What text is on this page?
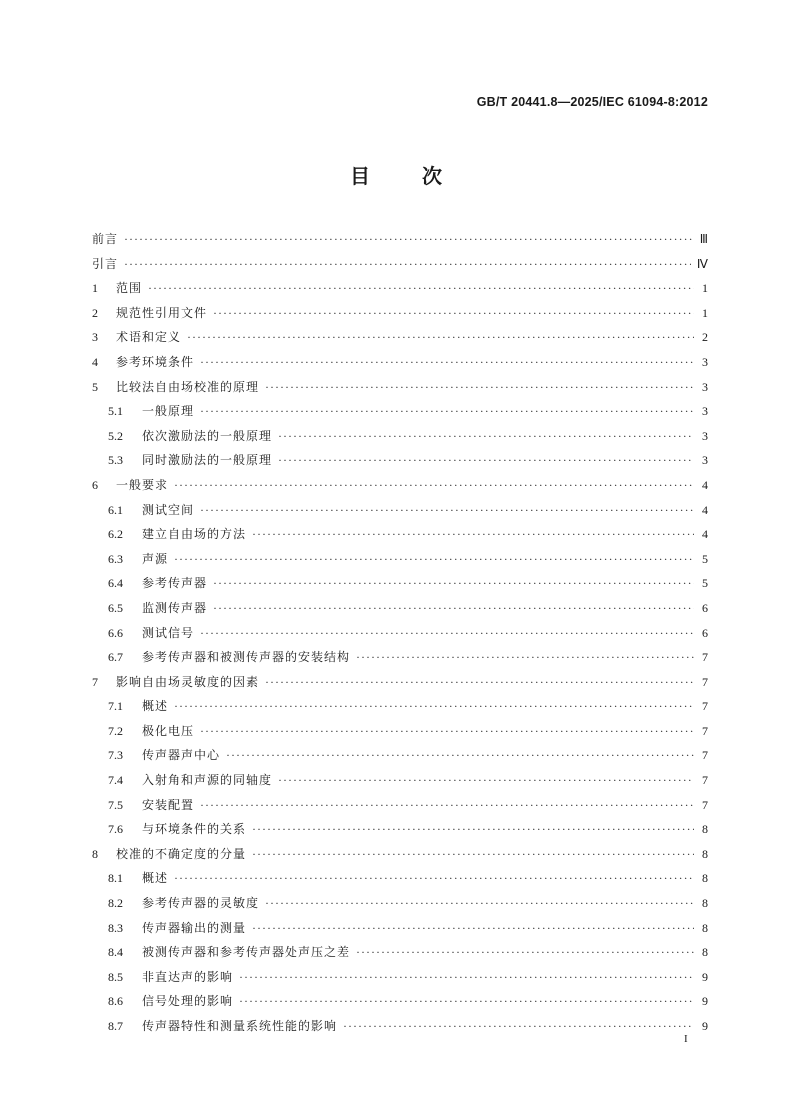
GB/T 20441.8—2025/IEC 61094-8:2012
目	次
前言 ·····	Ⅲ
引言 ·····	Ⅳ
1	范围 ·····	1
2	规范性引用文件 ·····	1
3	术语和定义 ·····	2
4	参考环境条件 ·····	3
5	比较法自由场校准的原理 ·····	3
5.1	一般原理 ·····	3
5.2	依次激励法的一般原理 ·····	3
5.3	同时激励法的一般原理 ·····	3
6	一般要求 ·····	4
6.1	测试空间 ·····	4
6.2	建立自由场的方法 ·····	4
6.3	声源 ·····	5
6.4	参考传声器 ·····	5
6.5	监测传声器 ·····	6
6.6	测试信号 ·····	6
6.7	参考传声器和被测传声器的安装结构 ·····	7
7	影响自由场灵敏度的因素 ·····	7
7.1	概述 ·····	7
7.2	极化电压 ·····	7
7.3	传声器声中心 ·····	7
7.4	入射角和声源的同轴度 ·····	7
7.5	安装配置 ·····	7
7.6	与环境条件的关系 ·····	8
8	校准的不确定度的分量 ·····	8
8.1	概述 ·····	8
8.2	参考传声器的灵敏度 ·····	8
8.3	传声器输出的测量 ·····	8
8.4	被测传声器和参考传声器处声压之差 ·····	8
8.5	非直达声的影响 ·····	9
8.6	信号处理的影响 ·····	9
8.7	传声器特性和测量系统性能的影响 ·····	9
I
